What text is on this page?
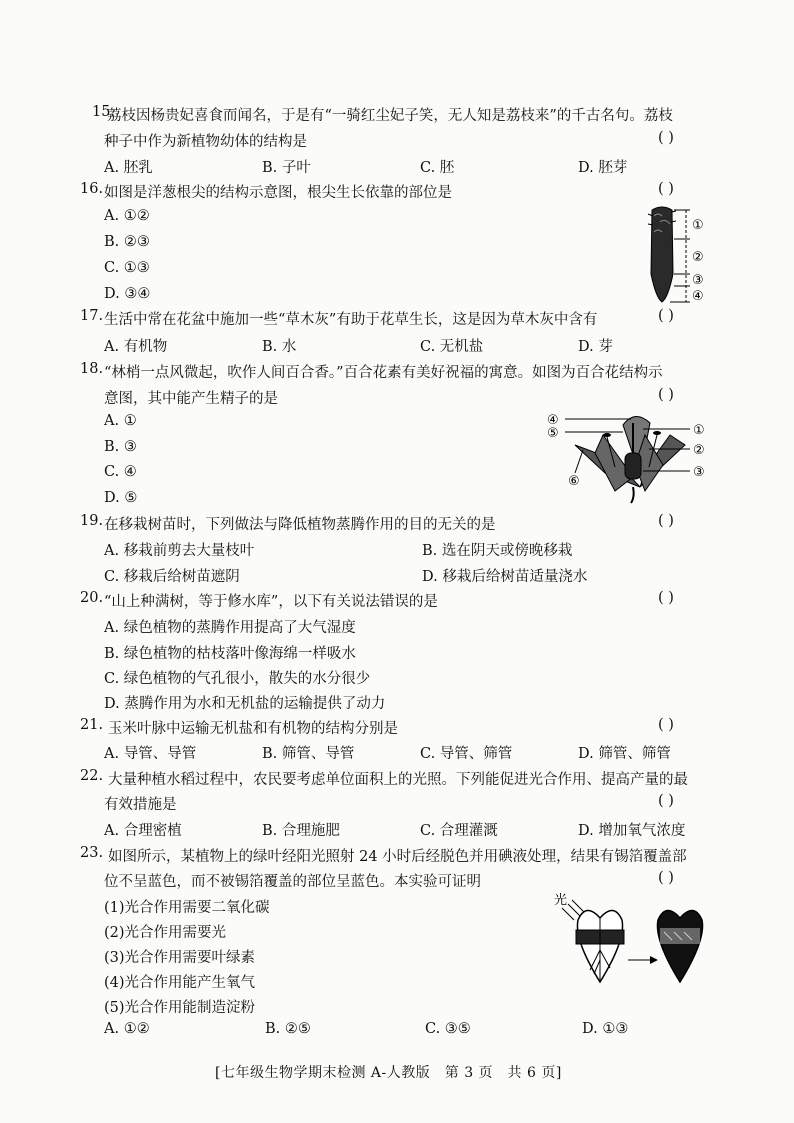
15.
荔枝因杨贵妃喜食而闻名，于是有“一骑红尘妃子笑，无人知是荔枝来”的千古名句。荔枝
种子中作为新植物幼体的结构是	( )
A. 胚乳	B. 子叶	C. 胚	D. 胚芽
16. 如图是洋葱根尖的结构示意图，根尖生长依靠的部位是	( )
A. ①②
B. ②③
C. ①③
D. ③④
①
②
③
④
17. 生活中常在花盆中施加一些“草木灰”有助于花草生长，这是因为草木灰中含有	( )
A. 有机物	B. 水	C. 无机盐	D. 芽
18. “林梢一点风微起，吹作人间百合香。”百合花素有美好祝福的寓意。如图为百合花结构示
意图，其中能产生精子的是	( )
A. ①
B. ③
C. ④
D. ⑤
④
⑤	①
②
③
⑥
19. 在移栽树苗时，下列做法与降低植物蒸腾作用的目的无关的是	( )
A. 移栽前剪去大量枝叶	B. 选在阴天或傍晚移栽
C. 移栽后给树苗遮阴	D. 移栽后给树苗适量浇水
20. “山上种满树，等于修水库”，以下有关说法错误的是	( )
A. 绿色植物的蒸腾作用提高了大气湿度
B. 绿色植物的枯枝落叶像海绵一样吸水
C. 绿色植物的气孔很小，散失的水分很少
D. 蒸腾作用为水和无机盐的运输提供了动力
21. 玉米叶脉中运输无机盐和有机物的结构分别是	( )
A. 导管、导管	B. 筛管、导管	C. 导管、筛管	D. 筛管、筛管
22. 大量种植水稻过程中，农民要考虑单位面积上的光照。下列能促进光合作用、提高产量的最
有效措施是	( )
A. 合理密植	B. 合理施肥	C. 合理灌溉	D. 增加氧气浓度
23. 如图所示，某植物上的绿叶经阳光照射 24 小时后经脱色并用碘液处理，结果有锡箔覆盖部
位不呈蓝色，而不被锡箔覆盖的部位呈蓝色。本实验可证明	( )
(1)光合作用需要二氧化碳
(2)光合作用需要光
(3)光合作用需要叶绿素
(4)光合作用能产生氧气
(5)光合作用能制造淀粉
A. ①②	B. ②⑤	C. ③⑤	D. ①③
光
[七年级生物学期末检测 A-人教版　第 3 页　共 6 页]
